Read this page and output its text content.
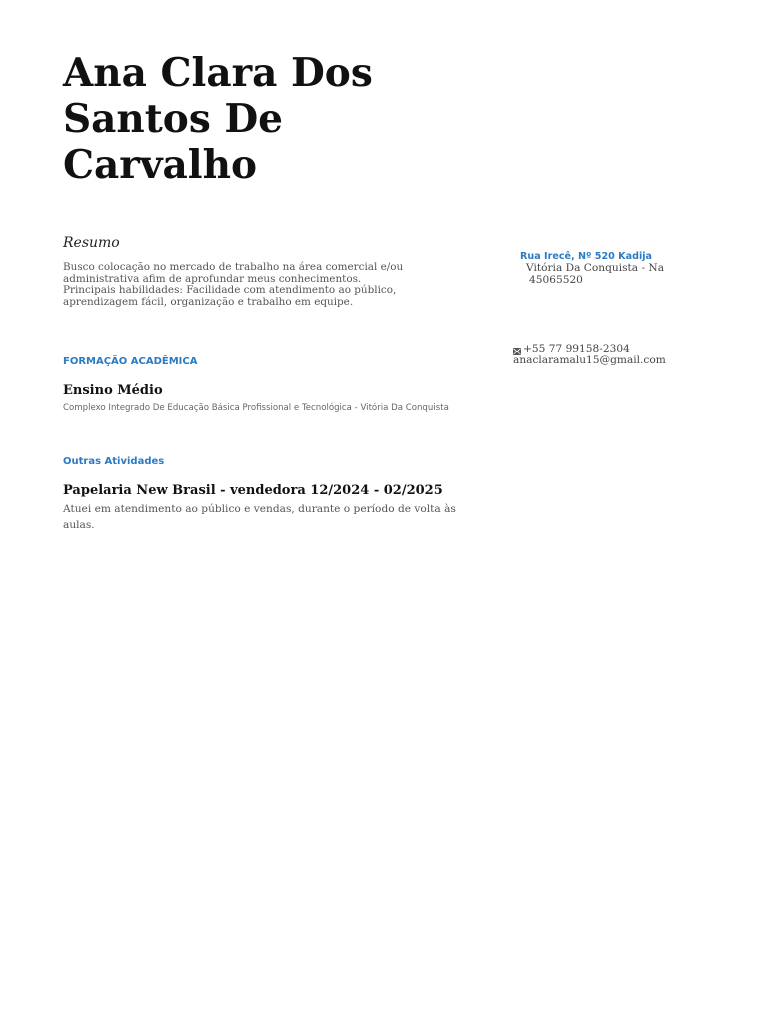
Ana Clara Dos Santos De Carvalho
Resumo
Busco colocação no mercado de trabalho na área comercial e/ou
administrativa afim de aprofundar meus conhecimentos.
Principais habilidades: Facilidade com atendimento ao público,
aprendizagem fácil, organização e trabalho em equipe.
FORMAÇÃO ACADÊMICA
Ensino Médio
Complexo Integrado De Educação Básica Profissional e Tecnológica - Vitória Da Conquista
Outras Atividades
Papelaria New Brasil - vendedora 12/2024 - 02/2025
Atuei em atendimento ao público e vendas, durante o período de volta às aulas.
Rua Irecê, Nº 520 Kadija
Vitória Da Conquista - Na
45065520
+55 77 99158-2304
anaclaramalu15@gmail.com
